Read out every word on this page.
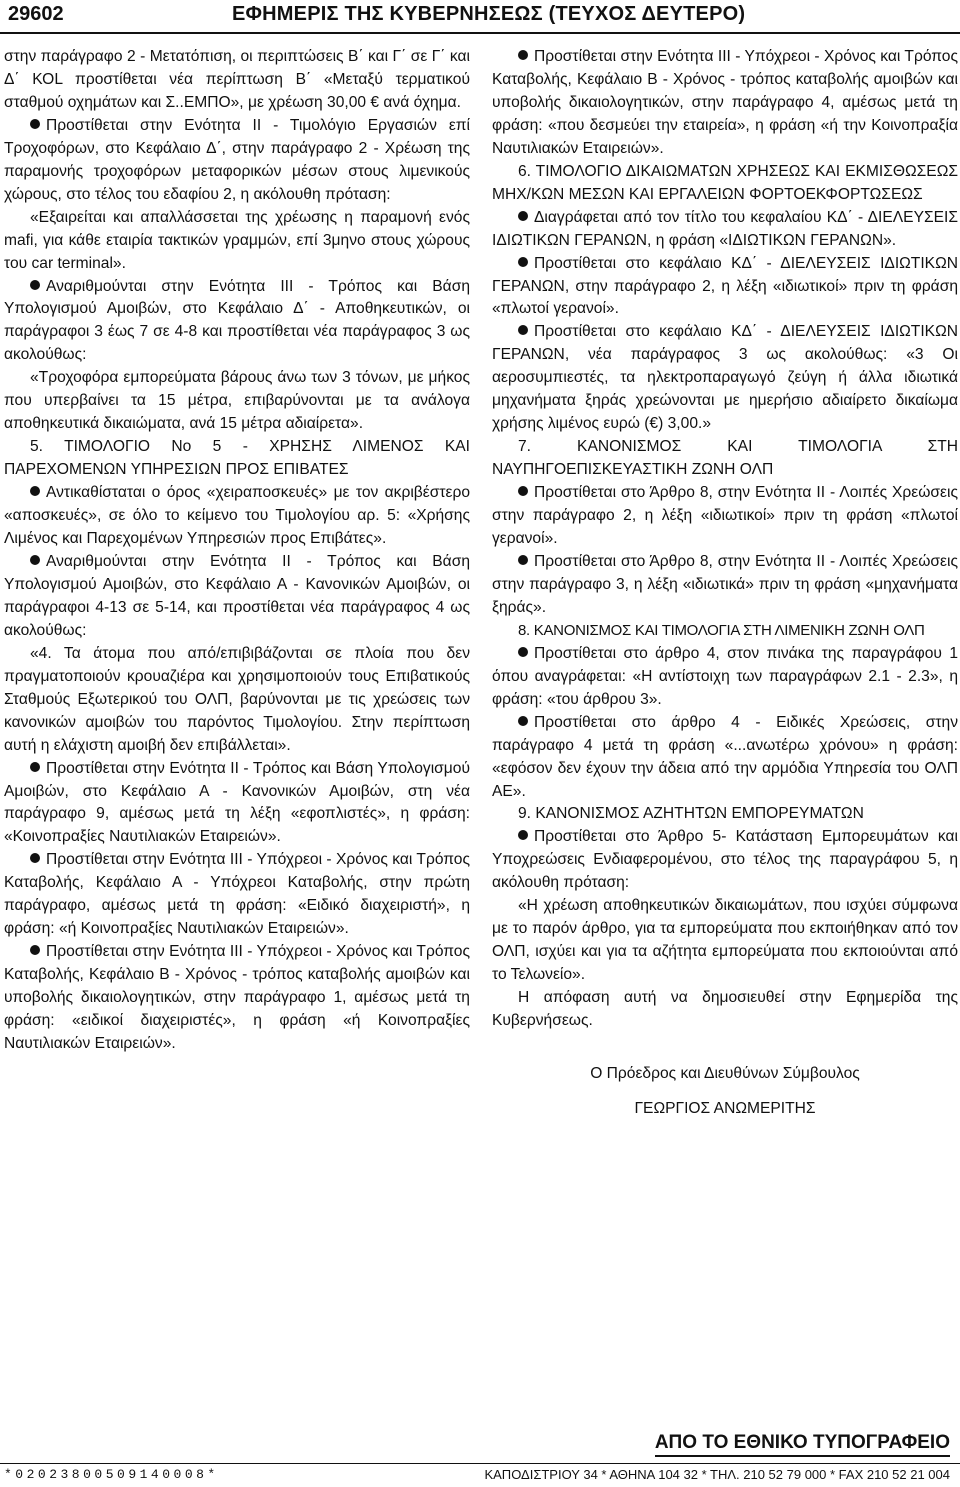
29602	ΕΦΗΜΕΡΙΣ ΤΗΣ ΚΥΒΕΡΝΗΣΕΩΣ (ΤΕΥΧΟΣ ΔΕΥΤΕΡΟ)

στην παράγραφο 2 - Μετατόπιση, οι περιπτώσεις Β΄ και Γ΄ σε Γ΄ και Δ΄ ΚΟL προστίθεται νέα περίπτωση Β΄ «Μεταξύ τερματικού σταθμού οχημάτων και Σ..ΕΜΠΟ», με χρέωση 30,00 € ανά όχημα.

Προστίθεται στην Ενότητα ΙΙ - Τιμολόγιο Εργασιών επί Τροχοφόρων, στο Κεφάλαιο Δ΄, στην παράγραφο 2 - Χρέωση της παραμονής τροχοφόρων μεταφορικών μέσων στους λιμενικούς χώρους, στο τέλος του εδαφίου 2, η ακόλουθη πρόταση:

«Εξαιρείται και απαλλάσσεται της χρέωσης η παραμονή ενός mafi, για κάθε εταιρία τακτικών γραμμών, επί 3μηνο στους χώρους του car terminal».

Αναριθμούνται στην Ενότητα ΙΙΙ - Τρόπος και Βάση Υπολογισμού Αμοιβών, στο Κεφάλαιο Δ΄ - Αποθηκευτικών, οι παράγραφοι 3 έως 7 σε 4-8 και προστίθεται νέα παράγραφος 3 ως ακολούθως:

«Τροχοφόρα εμπορεύματα βάρους άνω των 3 τόνων, με μήκος που υπερβαίνει τα 15 μέτρα, επιβαρύνονται με τα ανάλογα αποθηκευτικά δικαιώματα, ανά 15 μέτρα αδιαίρετα».

5. ΤΙΜΟΛΟΓΙΟ Νο 5 - ΧΡΗΣΗΣ ΛΙΜΕΝΟΣ ΚΑΙ ΠΑΡΕΧΟΜΕΝΩΝ ΥΠΗΡΕΣΙΩΝ ΠΡΟΣ ΕΠΙΒΑΤΕΣ

Αντικαθίσταται ο όρος «χειραποσκευές» με τον ακριβέστερο «αποσκευές», σε όλο το κείμενο του Τιμολογίου αρ. 5: «Χρήσης Λιμένος και Παρεχομένων Υπηρεσιών προς Επιβάτες».

Αναριθμούνται στην Ενότητα ΙΙ - Τρόπος και Βάση Υπολογισμού Αμοιβών, στο Κεφάλαιο Α - Κανονικών Αμοιβών, οι παράγραφοι 4-13 σε 5-14, και προστίθεται νέα παράγραφος 4 ως ακολούθως:

«4. Τα άτομα που από/επιβιβάζονται σε πλοία που δεν πραγματοποιούν κρουαζιέρα και χρησιμοποιούν τους Επιβατικούς Σταθμούς Εξωτερικού του ΟΛΠ, βαρύνονται με τις χρεώσεις των κανονικών αμοιβών του παρόντος Τιμολογίου. Στην περίπτωση αυτή η ελάχιστη αμοιβή δεν επιβάλλεται».

Προστίθεται στην Ενότητα ΙΙ - Τρόπος και Βάση Υπολογισμού Αμοιβών, στο Κεφάλαιο Α - Κανονικών Αμοιβών, στη νέα παράγραφο 9, αμέσως μετά τη λέξη «εφοπλιστές», η φράση: «Κοινοπραξίες Ναυτιλιακών Εταιρειών».

Προστίθεται στην Ενότητα ΙΙΙ - Υπόχρεοι - Χρόνος και Τρόπος Καταβολής, Κεφάλαιο Α - Υπόχρεοι Καταβολής, στην πρώτη παράγραφο, αμέσως μετά τη φράση: «Ειδικό διαχειριστή», η φράση: «ή Κοινοπραξίες Ναυτιλιακών Εταιρειών».

Προστίθεται στην Ενότητα ΙΙΙ - Υπόχρεοι - Χρόνος και Τρόπος Καταβολής, Κεφάλαιο Β - Χρόνος - τρόπος καταβολής αμοιβών και υποβολής δικαιολογητικών, στην παράγραφο 1, αμέσως μετά τη φράση: «ειδικοί διαχειριστές», η φράση «ή Κοινοπραξίες Ναυτιλιακών Εταιρειών».

Προστίθεται στην Ενότητα ΙΙΙ - Υπόχρεοι - Χρόνος και Τρόπος Καταβολής, Κεφάλαιο Β - Χρόνος - τρόπος καταβολής αμοιβών και υποβολής δικαιολογητικών, στην παράγραφο 4, αμέσως μετά τη φράση: «που δεσμεύει την εταιρεία», η φράση «ή την Κοινοπραξία Ναυτιλιακών Εταιρειών».

6. ΤΙΜΟΛΟΓΙΟ ΔΙΚΑΙΩΜΑΤΩΝ ΧΡΗΣΕΩΣ ΚΑΙ ΕΚΜΙΣΘΩΣΕΩΣ ΜΗΧ/ΚΩΝ ΜΕΣΩΝ ΚΑΙ ΕΡΓΑΛΕΙΩΝ ΦΟΡΤΟΕΚΦΟΡΤΩΣΕΩΣ

Διαγράφεται από τον τίτλο του κεφαλαίου ΚΔ΄ - ΔΙΕΛΕΥΣΕΙΣ ΙΔΙΩΤΙΚΩΝ ΓΕΡΑΝΩΝ, η φράση «ΙΔΙΩΤΙΚΩΝ ΓΕΡΑΝΩΝ».

Προστίθεται στο κεφάλαιο ΚΔ΄ - ΔΙΕΛΕΥΣΕΙΣ ΙΔΙΩΤΙΚΩΝ ΓΕΡΑΝΩΝ, στην παράγραφο 2, η λέξη «ιδιωτικοί» πριν τη φράση «πλωτοί γερανοί».

Προστίθεται στο κεφάλαιο ΚΔ΄ - ΔΙΕΛΕΥΣΕΙΣ ΙΔΙΩΤΙΚΩΝ ΓΕΡΑΝΩΝ, νέα παράγραφος 3 ως ακολούθως: «3 Οι αεροσυμπιεστές, τα ηλεκτροπαραγωγό ζεύγη ή άλλα ιδιωτικά μηχανήματα ξηράς χρεώνονται με ημερήσιο αδιαίρετο δικαίωμα χρήσης λιμένος ευρώ (€) 3,00.»

7. ΚΑΝΟΝΙΣΜΟΣ ΚΑΙ ΤΙΜΟΛΟΓΙΑ ΣΤΗ ΝΑΥΠΗΓΟΕΠΙΣΚΕΥΑΣΤΙΚΗ ΖΩΝΗ ΟΛΠ

Προστίθεται στο Άρθρο 8, στην Ενότητα ΙΙ - Λοιπές Χρεώσεις στην παράγραφο 2, η λέξη «ιδιωτικοί» πριν τη φράση «πλωτοί γερανοί».

Προστίθεται στο Άρθρο 8, στην Ενότητα ΙΙ - Λοιπές Χρεώσεις στην παράγραφο 3, η λέξη «ιδιωτικά» πριν τη φράση «μηχανήματα ξηράς».

8. ΚΑΝΟΝΙΣΜΟΣ ΚΑΙ ΤΙΜΟΛΟΓΙΑ ΣΤΗ ΛΙΜΕΝΙΚΗ ΖΩΝΗ ΟΛΠ

Προστίθεται στο άρθρο 4, στον πινάκα της παραγράφου 1 όπου αναγράφεται: «Η αντίστοιχη των παραγράφων 2.1 - 2.3», η φράση: «του άρθρου 3».

Προστίθεται στο άρθρο 4 - Ειδικές Χρεώσεις, στην παράγραφο 4 μετά τη φράση «...ανωτέρω χρόνου» η φράση: «εφόσον δεν έχουν την άδεια από την αρμόδια Υπηρεσία του ΟΛΠ ΑΕ».

9. ΚΑΝΟΝΙΣΜΟΣ ΑΖΗΤΗΤΩΝ ΕΜΠΟΡΕΥΜΑΤΩΝ

Προστίθεται στο Άρθρο 5- Κατάσταση Εμπορευμάτων και Υποχρεώσεις Ενδιαφερομένου, στο τέλος της παραγράφου 5, η ακόλουθη πρόταση:

«Η χρέωση αποθηκευτικών δικαιωμάτων, που ισχύει σύμφωνα με το παρόν άρθρο, για τα εμπορεύματα που εκποιήθηκαν από τον ΟΛΠ, ισχύει και για τα αζήτητα εμπορεύματα που εκποιούνται από το Τελωνείο».

Η απόφαση αυτή να δημοσιευθεί στην Εφημερίδα της Κυβερνήσεως.

Ο Πρόεδρος και Διευθύνων Σύμβουλος

ΓΕΩΡΓΙΟΣ ΑΝΩΜΕΡΙΤΗΣ

ΑΠΟ ΤΟ ΕΘΝΙΚΟ ΤΥΠΟΓΡΑΦΕΙΟ
*02023800509140008*	ΚΑΠΟΔΙΣΤΡΙΟΥ 34 * ΑΘΗΝΑ 104 32 * ΤΗΛ. 210 52 79 000 * FAX 210 52 21 004
